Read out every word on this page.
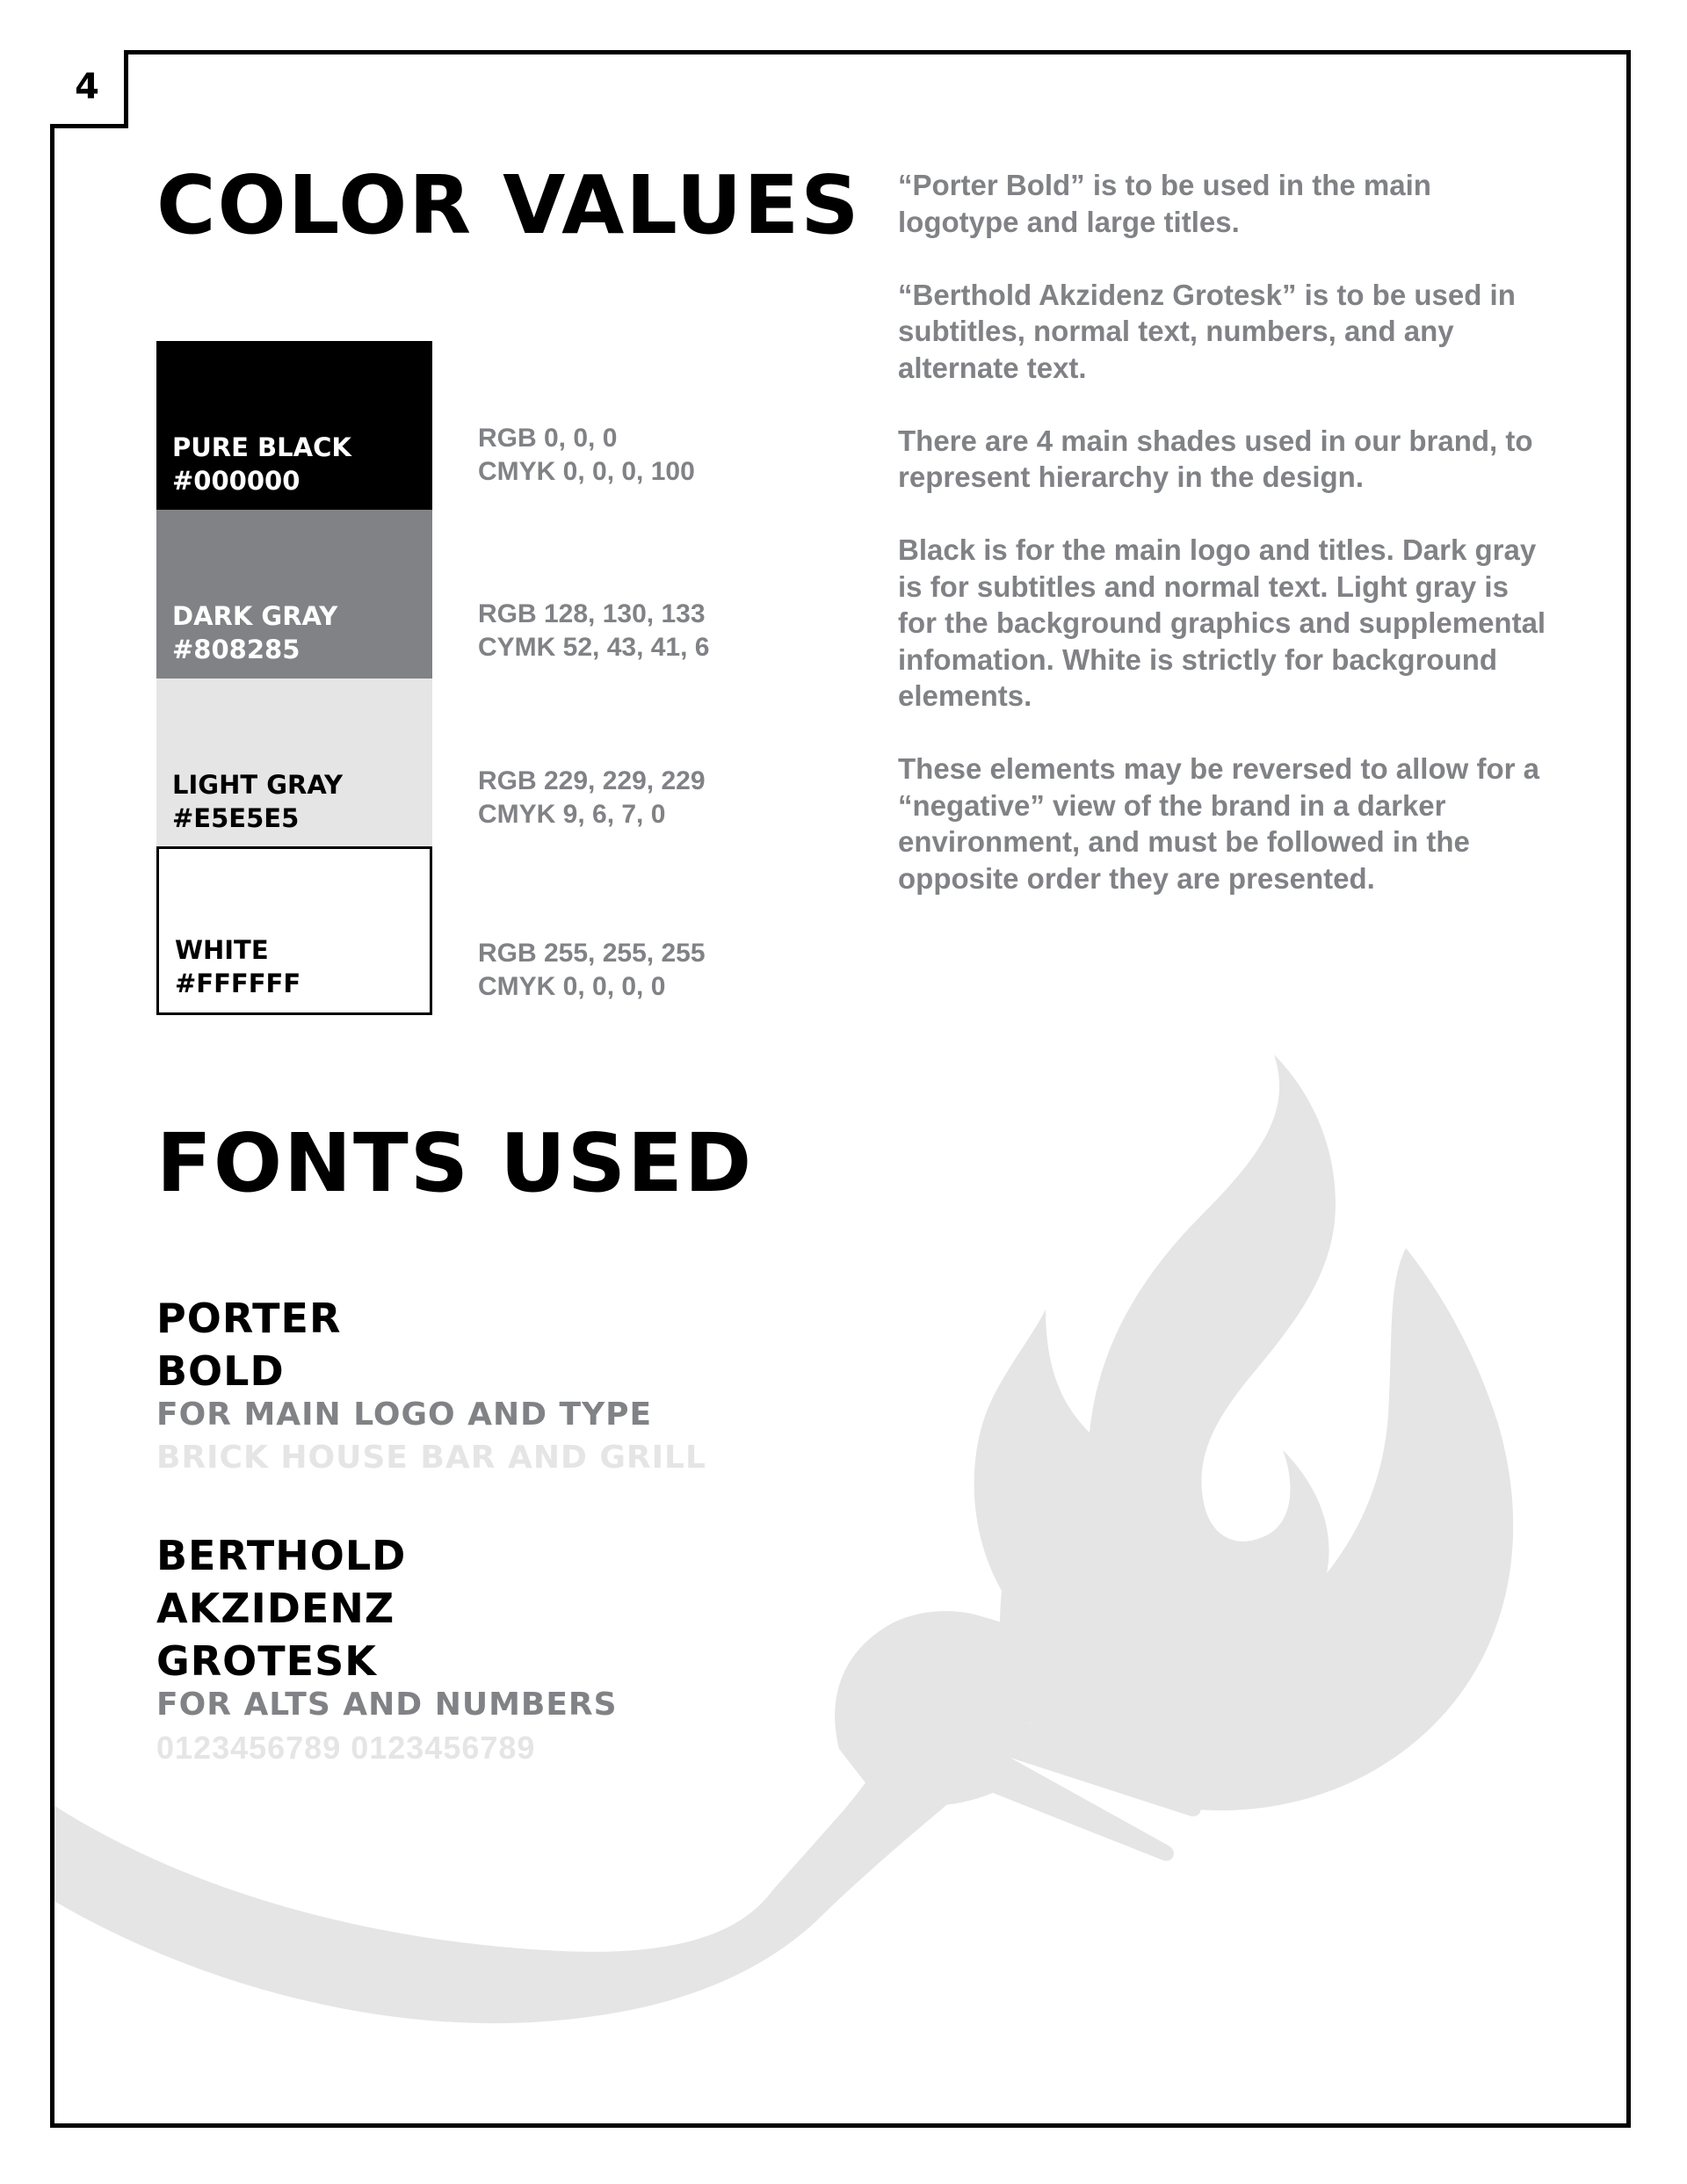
4
COLOR VALUES
PURE BLACK
#000000
RGB 0, 0, 0
CMYK 0, 0, 0, 100
DARK GRAY
#808285
RGB 128, 130, 133
CYMK 52, 43, 41, 6
LIGHT GRAY
#E5E5E5
RGB 229, 229, 229
CMYK 9, 6, 7, 0
WHITE
#FFFFFF
RGB 255, 255, 255
CMYK 0, 0, 0, 0

“Porter Bold” is to be used in the main logotype and large titles.

“Berthold Akzidenz Grotesk” is to be used in subtitles, normal text, numbers, and any alternate text.

There are 4 main shades used in our brand, to represent hierarchy in the design.

Black is for the main logo and titles. Dark gray is for subtitles and normal text. Light gray is for the background graphics and supplemental infomation. White is strictly for background elements.

These elements may be reversed to allow for a “negative” view of the brand in a darker environment, and must be followed in the opposite order they are presented.

FONTS USED
PORTER
BOLD
FOR MAIN LOGO AND TYPE
BRICK HOUSE BAR AND GRILL
BERTHOLD
AKZIDENZ
GROTESK
FOR ALTS AND NUMBERS
0123456789 0123456789
